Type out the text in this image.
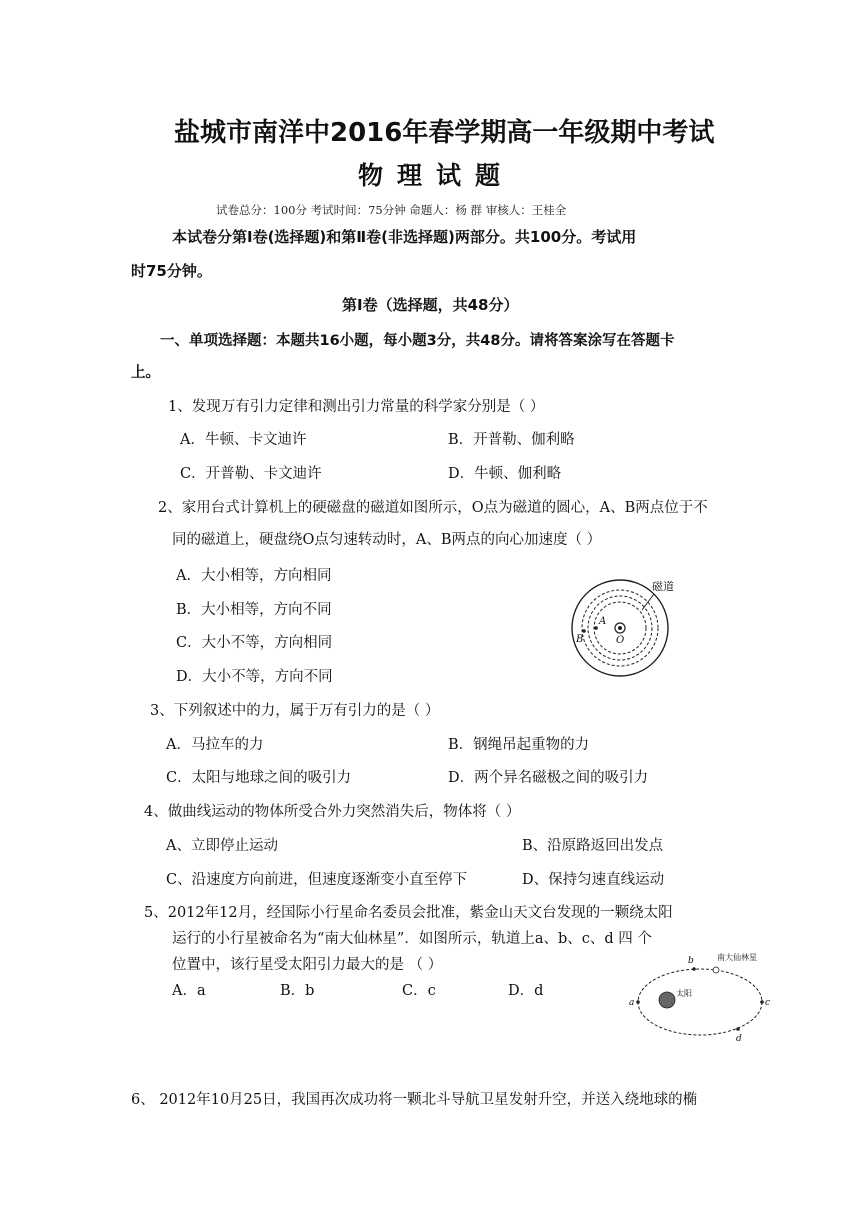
盐城市南洋中2016年春学期高一年级期中考试
物理试题
试卷总分：100分 考试时间：75分钟 命题人：杨 群 审核人：王桂全
本试卷分第Ⅰ卷(选择题)和第Ⅱ卷(非选择题)两部分。共100分。考试用
时75分钟。
第Ⅰ卷（选择题，共48分）
一、单项选择题：本题共16小题，每小题3分，共48分。请将答案涂写在答题卡
上。
1、发现万有引力定律和测出引力常量的科学家分别是（ ）
A．牛顿、卡文迪许	B．开普勒、伽利略
C．开普勒、卡文迪许	D．牛顿、伽利略
2、家用台式计算机上的硬磁盘的磁道如图所示，O点为磁道的圆心，A、B两点位于不
同的磁道上，硬盘绕O点匀速转动时，A、B两点的向心加速度（ ）
A．大小相等，方向相同
B．大小相等，方向不同
C．大小不等，方向相同
D．大小不等，方向不同
磁道
A
B	O
3、下列叙述中的力，属于万有引力的是（ ）
A．马拉车的力	B．钢绳吊起重物的力
C．太阳与地球之间的吸引力	D．两个异名磁极之间的吸引力
4、做曲线运动的物体所受合外力突然消失后，物体将（ ）
A、立即停止运动	B、沿原路返回出发点
C、沿速度方向前进，但速度逐渐变小直至停下	D、保持匀速直线运动
5、2012年12月，经国际小行星命名委员会批准，紫金山天文台发现的一颗绕太阳
运行的小行星被命名为“南大仙林星”．如图所示，轨道上a、b、c、d 四 个
位置中，该行星受太阳引力最大的是 （ ）
A．a	B．b	C．c	D．d	太阳
南大仙林星
a
b
c
d
6、 2012年10月25日，我国再次成功将一颗北斗导航卫星发射升空，并送入绕地球的椭
